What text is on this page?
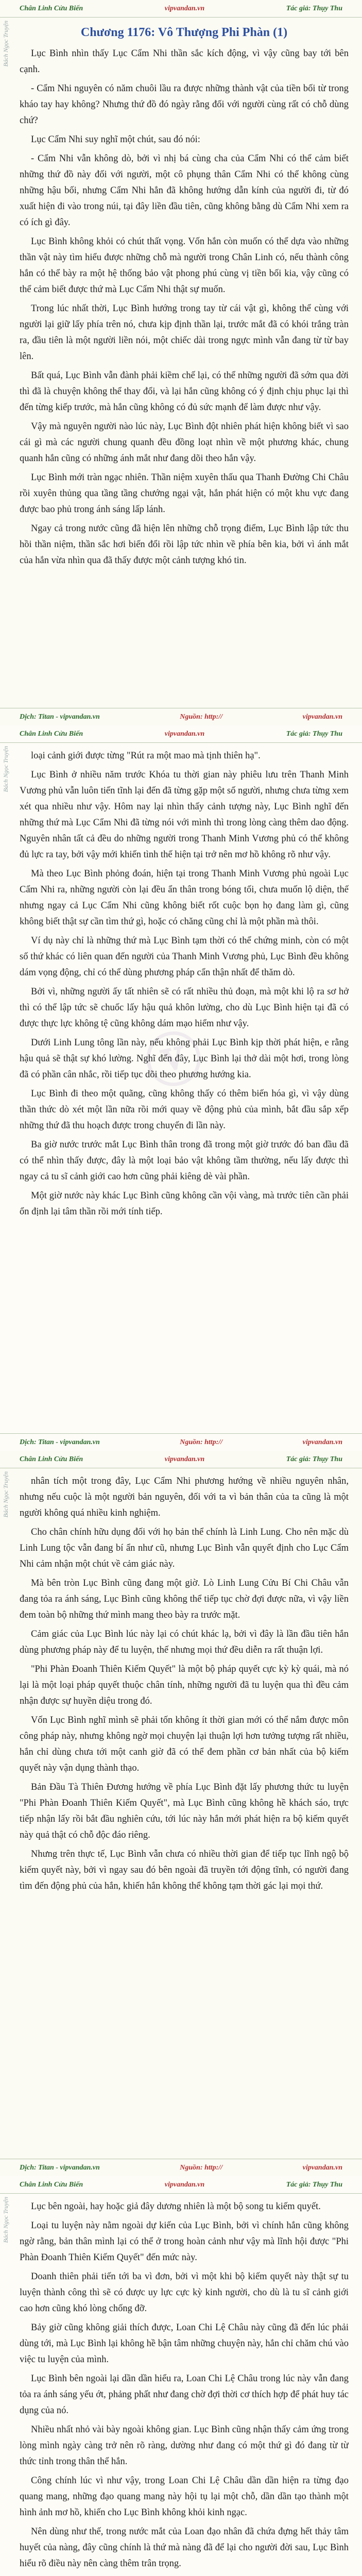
Chân Linh Cửu Biến	vipvandan.vn	Tác giả: Thụy Thu
Bách Ngọc Truyện	Chương 1176: Vô Thượng Phi Phàn (1)

Lục Bình nhìn thấy Lục Cẩm Nhi thần sắc kích động, vì vậy cũng bay tới bên cạnh.

- Cẩm Nhi nguyên có năm chuôi lầu ra được những thành vật của tiền bối từ trong kháo tay hay không? Nhưng thứ đồ đó ngày rằng đối với người cùng rất có chỗ dùng chứ?

Lục Cẩm Nhi suy nghĩ một chút, sau đó nói:

- Cẩm Nhi vẫn không dò, bởi vì nhị bá cùng cha của Cẩm Nhi có thể cảm biết những thứ đồ này đối với người, một cô phụng thân Cẩm Nhi có thể không cùng những hậu bối, nhưng Cẩm Nhi hẳn đã không hướng dẫn kính của người đi, từ đó xuất hiện đi vào trong núi, tại đây liền đầu tiên, cũng không bằng dù Cẩm Nhi xem ra có ích gì đây.

Lục Bình không khỏi có chút thất vọng. Vốn hắn còn muốn có thể dựa vào những thần vật này tìm hiểu được những chỗ mà người trong Chân Linh có, nếu thành công hắn có thể bày ra một hệ thống bảo vật phong phú cùng vị tiền bối kia, vậy cũng có thể cảm biết được thứ mà Lục Cẩm Nhi thật sự muốn.

Trong lúc nhất thời, Lục Bình hướng trong tay từ cái vật gì, không thể cùng với người lại giữ lấy phía trên nó, chưa kịp định thần lại, trước mắt đã có khói trắng tràn ra, đầu tiên là một người liền nói, một chiếc dài trong ngực mình vẫn đang từ từ bay lên.

Bất quá, Lục Bình vẫn đành phải kiềm chế lại, có thể những người đã sớm qua đời thì đã là chuyện không thể thay đổi, và lại hắn cũng không có ý định chịu phục lại thì đến từng kiếp trước, mà hắn cũng không có đủ sức mạnh để làm được như vậy.

Vậy mà nguyên người nào lúc này, Lục Bình đột nhiên phát hiện không biết vì sao cái gì mà các người chung quanh đều đồng loạt nhìn về một phương khác, chung quanh hắn cũng có những ánh mắt như đang dõi theo hắn vậy.

Lục Bình mới tràn ngạc nhiên. Thần niệm xuyên thấu qua Thanh Đường Chi Châu rồi xuyên thủng qua tầng tầng chướng ngại vật, hắn phát hiện có một khu vực đang được bao phủ trong ánh sáng lấp lánh.

Ngay cả trong nước cũng đã hiện lên những chỗ trọng điểm, Lục Bình lập tức thu hồi thần niệm, thần sắc hơi biến đổi rồi lập tức nhìn về phía bên kia, bởi vì ánh mắt của hắn vừa nhìn qua đã thấy được một cảnh tượng khó tin.

Dịch: Titan - vipvandan.vn	Nguồn: http://	vipvandan.vn
Chân Linh Cửu Biến	vipvandan.vn	Tác giả: Thụy Thu
Bách Ngọc Truyện
ⓥ

loại cảnh giới được từng "Rút ra một mao mà tịnh thiên hạ".

Lục Bình ở nhiều năm trước Khóa tu thời gian này phiêu lưu trên Thanh Minh Vương phủ vẫn luôn tiến tĩnh lại đến đã từng gặp một số người, nhưng chưa từng xem xét qua nhiều như vậy. Hôm nay lại nhìn thấy cảnh tượng này, Lục Bình nghĩ đến những thứ mà Lục Cẩm Nhi đã từng nói với mình thì trong lòng càng thêm dao động. Nguyên nhân tất cả đều do những người trong Thanh Minh Vương phủ có thể không đủ lực ra tay, bởi vậy mới khiến tình thế hiện tại trở nên mơ hồ không rõ như vậy.

Mà theo Lục Bình phỏng đoán, hiện tại trong Thanh Minh Vương phủ ngoài Lục Cẩm Nhi ra, những người còn lại đều ẩn thân trong bóng tối, chưa muốn lộ diện, thế nhưng ngay cả Lục Cẩm Nhi cũng không biết rốt cuộc bọn họ đang làm gì, cũng không biết thật sự cần tìm thứ gì, hoặc có chăng cũng chỉ là một phần mà thôi.

Ví dụ này chỉ là những thứ mà Lục Bình tạm thời có thể chứng minh, còn có một số thứ khác có liên quan đến người của Thanh Minh Vương phủ, Lục Bình đều không dám vọng động, chỉ có thể dùng phương pháp cẩn thận nhất để thăm dò.

Bởi vì, những người ấy tất nhiên sẽ có rất nhiều thủ đoạn, mà một khi lộ ra sơ hở thì có thể lập tức sẽ chuốc lấy hậu quả khôn lường, cho dù Lục Bình hiện tại đã có được thực lực không tệ cũng không dám mạo hiểm như vậy.

Dưới Linh Lung tông lần này, nếu không phải Lục Bình kịp thời phát hiện, e rằng hậu quả sẽ thật sự khó lường. Nghĩ đến đây, Lục Bình lại thở dài một hơi, trong lòng đã có phần cân nhắc, rồi tiếp tục dõi theo phương hướng kia.

Lục Bình đi theo một quãng, cũng không thấy có thêm biến hóa gì, vì vậy dùng thần thức dò xét một lần nữa rồi mới quay về động phủ của mình, bắt đầu sắp xếp những thứ đã thu hoạch được trong chuyến đi lần này.

Ba giờ nước trước mắt Lục Bình thân trong đã trong một giờ trước đó ban đầu đã có thể nhìn thấy được, đây là một loại bảo vật không tầm thường, nếu lấy được thì ngay cả tu sĩ cảnh giới cao hơn cũng phải kiêng dè vài phần.

Một giờ nước này khác Lục Bình cũng không cần vội vàng, mà trước tiên cần phải ổn định lại tâm thần rồi mới tính tiếp.

Dịch: Titan - vipvandan.vn	Nguồn: http://	vipvandan.vn
Chân Linh Cửu Biến	vipvandan.vn	Tác giả: Thụy Thu
Bách Ngọc Truyện	nhân tích một trong đây, Lục Cẩm Nhi phương hướng về nhiều nguyên nhân, nhưng nếu cuộc là một người bản nguyên, đối với ta vì bản thân của ta cũng là một người không quá nhiều kinh nghiệm.

Cho chân chính hữu dụng đối với họ bản thể chính là Linh Lung. Cho nên mặc dù Linh Lung tộc vẫn đang bí ẩn như cũ, nhưng Lục Bình vẫn quyết định cho Lục Cẩm Nhi cảm nhận một chút về cảm giác này.

Mà bên tròn Lục Bình cũng đang một giờ. Lò Linh Lung Cửu Bí Chi Châu vẫn đang tỏa ra ánh sáng, Lục Bình cũng không thể tiếp tục chờ đợi được nữa, vì vậy liền đem toàn bộ những thứ mình mang theo bày ra trước mặt.

Cảm giác của Lục Bình lúc này lại có chút khác lạ, bởi vì đây là lần đầu tiên hắn dùng phương pháp này để tu luyện, thế nhưng mọi thứ đều diễn ra rất thuận lợi.

"Phi Phàn Đoanh Thiên Kiếm Quyết" là một bộ pháp quyết cực kỳ kỳ quái, mà nó lại là một loại pháp quyết thuộc chân tính, những người đã tu luyện qua thì đều cảm nhận được sự huyền diệu trong đó.

Vốn Lục Bình nghĩ mình sẽ phải tốn không ít thời gian mới có thể nắm được môn công pháp này, nhưng không ngờ mọi chuyện lại thuận lợi hơn tưởng tượng rất nhiều, hắn chỉ dùng chưa tới một canh giờ đã có thể đem phần cơ bản nhất của bộ kiếm quyết này vận dụng thành thạo.

Bản Đầu Tà Thiên Đương hướng về phía Lục Bình đặt lấy phương thức tu luyện "Phi Phàn Đoanh Thiên Kiếm Quyết", mà Lục Bình cũng không hề khách sáo, trực tiếp nhận lấy rồi bắt đầu nghiên cứu, tới lúc này hắn mới phát hiện ra bộ kiếm quyết này quả thật có chỗ độc đáo riêng.

Nhưng trên thực tế, Lục Bình vẫn chưa có nhiều thời gian để tiếp tục lĩnh ngộ bộ kiếm quyết này, bởi vì ngay sau đó bên ngoài đã truyền tới động tĩnh, có người đang tìm đến động phủ của hắn, khiến hắn không thể không tạm thời gác lại mọi thứ.

Dịch: Titan - vipvandan.vn	Nguồn: http://	vipvandan.vn
Chân Linh Cửu Biến	vipvandan.vn	Tác giả: Thụy Thu
Bách Ngọc Truyện	Lục bên ngoài, hay hoặc giả đây dương nhiên là một bộ song tu kiếm quyết.

Loại tu luyện này nằm ngoài dự kiến của Lục Bình, bởi vì chính hắn cũng không ngờ rằng, bản thân mình lại có thể ở trong hoàn cảnh như vậy mà lĩnh hội được "Phi Phàn Đoanh Thiên Kiếm Quyết" đến mức này.

Doanh thiên phải tiến tới ba vì đơn, bởi vì một khi bộ kiếm quyết này thật sự tu luyện thành công thì sẽ có được uy lực cực kỳ kinh người, cho dù là tu sĩ cảnh giới cao hơn cũng khó lòng chống đỡ.

Bảy giờ cũng không giải thích được, Loan Chi Lệ Châu này cũng đã đến lúc phải dùng tới, mà Lục Bình lại không hề bận tâm những chuyện này, hắn chỉ chăm chú vào việc tu luyện của mình.

Lục Bình bên ngoài lại dần dần hiểu ra, Loan Chi Lệ Châu trong lúc này vẫn đang tỏa ra ánh sáng yếu ớt, phảng phất như đang chờ đợi thời cơ thích hợp để phát huy tác dụng của nó.

Nhiều nhất nhỏ vài bày ngoài không gian. Lục Bình cũng nhận thấy cảm ứng trong lòng mình ngày càng trở nên rõ ràng, dường như đang có một thứ gì đó đang từ từ thức tỉnh trong thân thể hắn.

Công chính lúc vì như vậy, trong Loan Chi Lệ Châu dần dần hiện ra từng đạo quang mang, những đạo quang mang này hội tụ lại một chỗ, dần dần tạo thành một hình ảnh mơ hồ, khiến cho Lục Bình không khỏi kinh ngạc.

Nên dùng như thế, trong nước mắt của Loan đạo nhân đã chứa đựng hết thảy tâm huyết của nàng, đây cũng chính là thứ mà nàng đã để lại cho người đời sau, Lục Bình hiểu rõ điều này nên càng thêm trân trọng.
